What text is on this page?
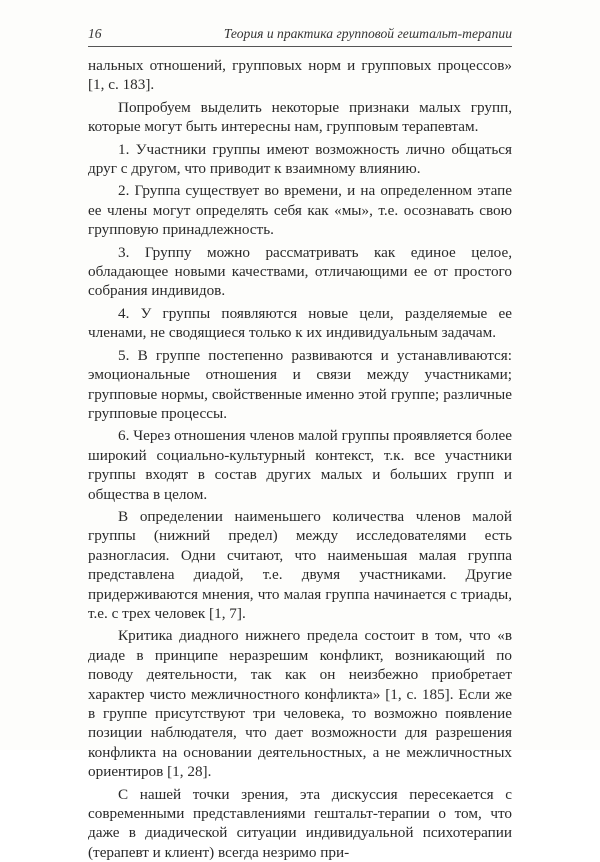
16	Теория и практика групповой гештальт-терапии

нальных отношений, групповых норм и групповых процессов» [1, с. 183].

Попробуем выделить некоторые признаки малых групп, которые могут быть интересны нам, групповым терапевтам.

1. Участники группы имеют возможность лично общаться друг с другом, что приводит к взаимному влиянию.

2. Группа существует во времени, и на определенном этапе ее члены могут определять себя как «мы», т.е. осознавать свою групповую принадлежность.

3. Группу можно рассматривать как единое целое, обладающее новыми качествами, отличающими ее от простого собрания индивидов.

4. У группы появляются новые цели, разделяемые ее членами, не сводящиеся только к их индивидуальным задачам.

5. В группе постепенно развиваются и устанавливаются: эмоциональные отношения и связи между участниками; групповые нормы, свойственные именно этой группе; различные групповые процессы.

6. Через отношения членов малой группы проявляется более широкий социально-культурный контекст, т.к. все участники группы входят в состав других малых и больших групп и общества в целом.

В определении наименьшего количества членов малой группы (нижний предел) между исследователями есть разногласия. Одни считают, что наименьшая малая группа представлена диадой, т.е. двумя участниками. Другие придерживаются мнения, что малая группа начинается с триады, т.е. с трех человек [1, 7].

Критика диадного нижнего предела состоит в том, что «в диаде в принципе неразрешим конфликт, возникающий по поводу деятельности, так как он неизбежно приобретает характер чисто межличностного конфликта» [1, с. 185]. Если же в группе присутствуют три человека, то возможно появление позиции наблюдателя, что дает возможности для разрешения конфликта на основании деятельностных, а не межличностных ориентиров [1, 28].

С нашей точки зрения, эта дискуссия пересекается с современными представлениями гештальт-терапии о том, что даже в диадической ситуации индивидуальной психотерапии (терапевт и клиент) всегда незримо при-
